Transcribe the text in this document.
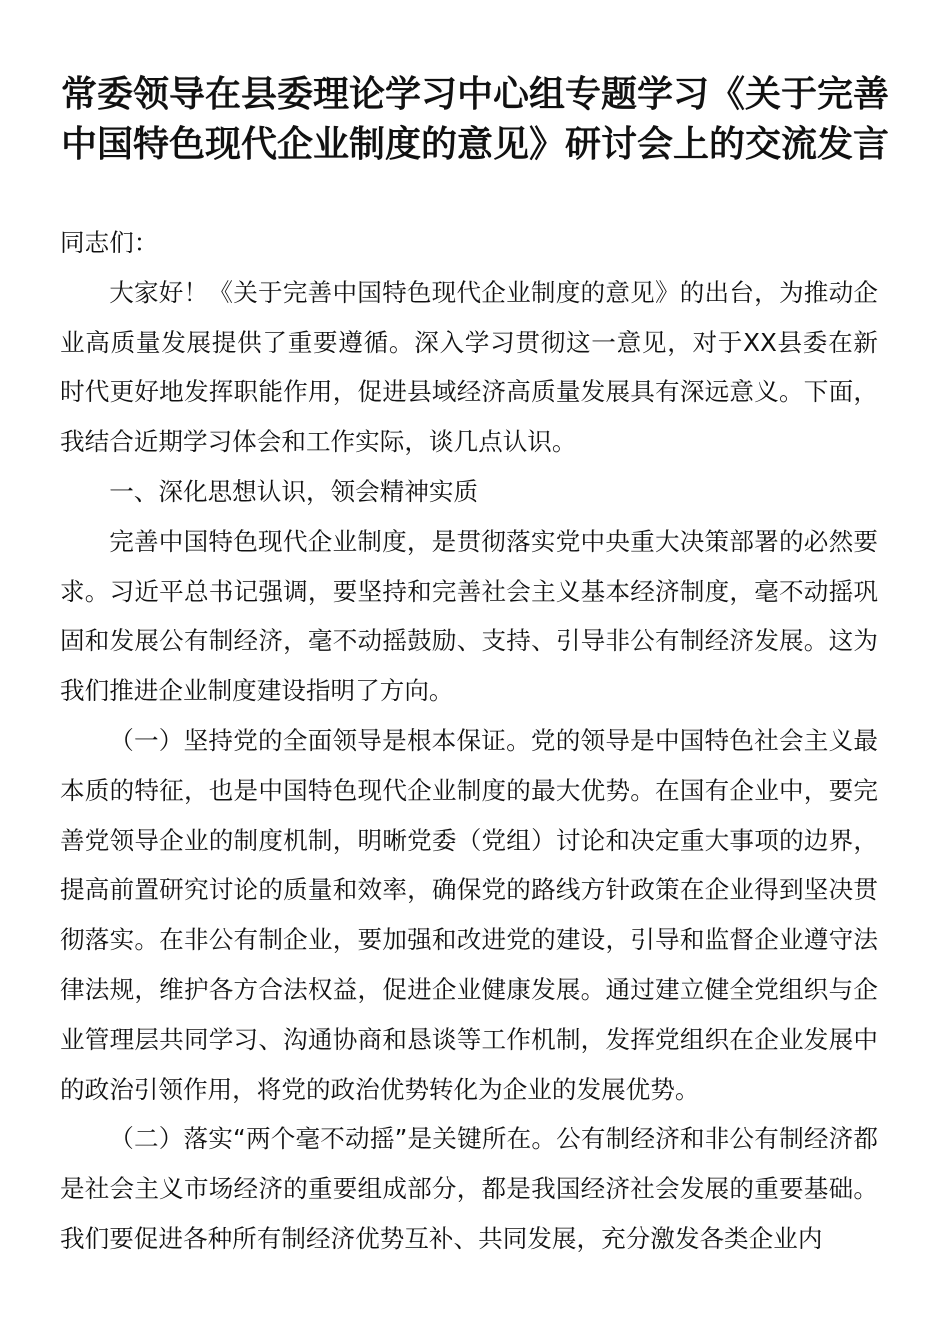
常委领导在县委理论学习中心组专题学习《关于完善中国特色现代企业制度的意见》研讨会上的交流发言

同志们：

大家好！《关于完善中国特色现代企业制度的意见》的出台，为推动企业高质量发展提供了重要遵循。深入学习贯彻这一意见，对于XX县委在新时代更好地发挥职能作用，促进县域经济高质量发展具有深远意义。下面，我结合近期学习体会和工作实际，谈几点认识。

一、深化思想认识，领会精神实质

完善中国特色现代企业制度，是贯彻落实党中央重大决策部署的必然要求。习近平总书记强调，要坚持和完善社会主义基本经济制度，毫不动摇巩固和发展公有制经济，毫不动摇鼓励、支持、引导非公有制经济发展。这为我们推进企业制度建设指明了方向。

（一）坚持党的全面领导是根本保证。党的领导是中国特色社会主义最本质的特征，也是中国特色现代企业制度的最大优势。在国有企业中，要完善党领导企业的制度机制，明晰党委（党组）讨论和决定重大事项的边界，提高前置研究讨论的质量和效率，确保党的路线方针政策在企业得到坚决贯彻落实。在非公有制企业，要加强和改进党的建设，引导和监督企业遵守法律法规，维护各方合法权益，促进企业健康发展。通过建立健全党组织与企业管理层共同学习、沟通协商和恳谈等工作机制，发挥党组织在企业发展中的政治引领作用，将党的政治优势转化为企业的发展优势。

（二）落实“两个毫不动摇”是关键所在。公有制经济和非公有制经济都是社会主义市场经济的重要组成部分，都是我国经济社会发展的重要基础。我们要促进各种所有制经济优势互补、共同发展，充分激发各类企业内
